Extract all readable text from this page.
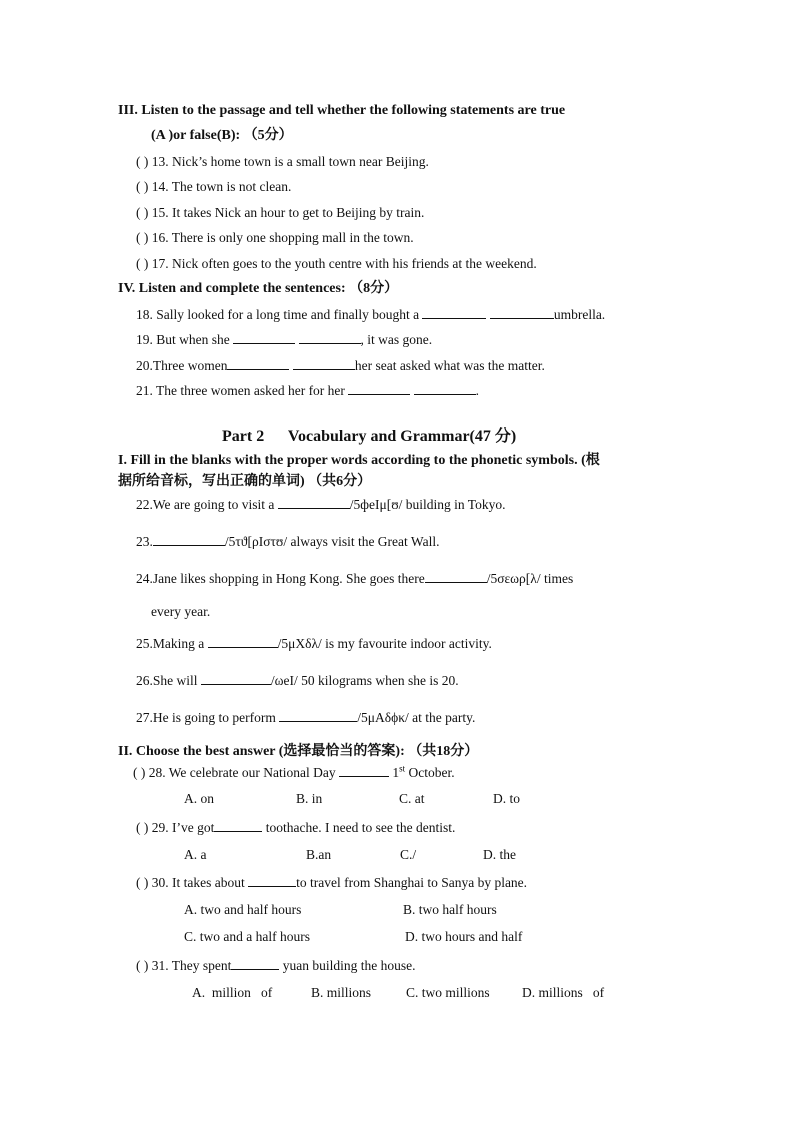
III. Listen to the passage and tell whether the following statements are true
(A )or false(B): （5分）
( ) 13. Nick’s home town is a small town near Beijing.
( ) 14. The town is not clean.
( ) 15. It takes Nick an hour to get to Beijing by train.
( ) 16. There is only one shopping mall in the town.
( ) 17. Nick often goes to the youth centre with his friends at the weekend.
IV. Listen and complete the sentences: （8分）
18. Sally looked for a long time and finally bought a	umbrella.
19. But when she	, it was gone.
20.Three women	her seat asked what was the matter.
21. The three women asked her for her	.
Part 2      Vocabulary and Grammar(47 分)
I. Fill in the blanks with the proper words according to the phonetic symbols. (根
据所给音标，写出正确的单词) （共6分）
22.We are going to visit a	/5фeIμ[ʊ/ building in Tokyo.
23.	/5τϑ[ρIστʊ/ always visit the Great Wall.
24.Jane likes shopping in Hong Kong. She goes there	/5σεωρ[λ/ times
every year.
25.Making a	/5μΧδλ/ is my favourite indoor activity.
26.She will	/ωeI/ 50 kilograms when she is 20.
27.He is going to perform	/5μΑδϕκ/ at the party.
II. Choose the best answer (选择最恰当的答案): （共18分）
( ) 28. We celebrate our National Day	1st October.
A. on	B. in	C. at	D. to
( ) 29. I’ve got	toothache. I need to see the dentist.
A. a	B.an	C./	D. the
( ) 30. It takes about	to travel from Shanghai to Sanya by plane.
A. two and half hours	B. two half hours
C. two and a half hours	D. two hours and half
( ) 31. They spent	yuan building the house.
A.  million   of	B. millions	C. two millions D. millions   of
